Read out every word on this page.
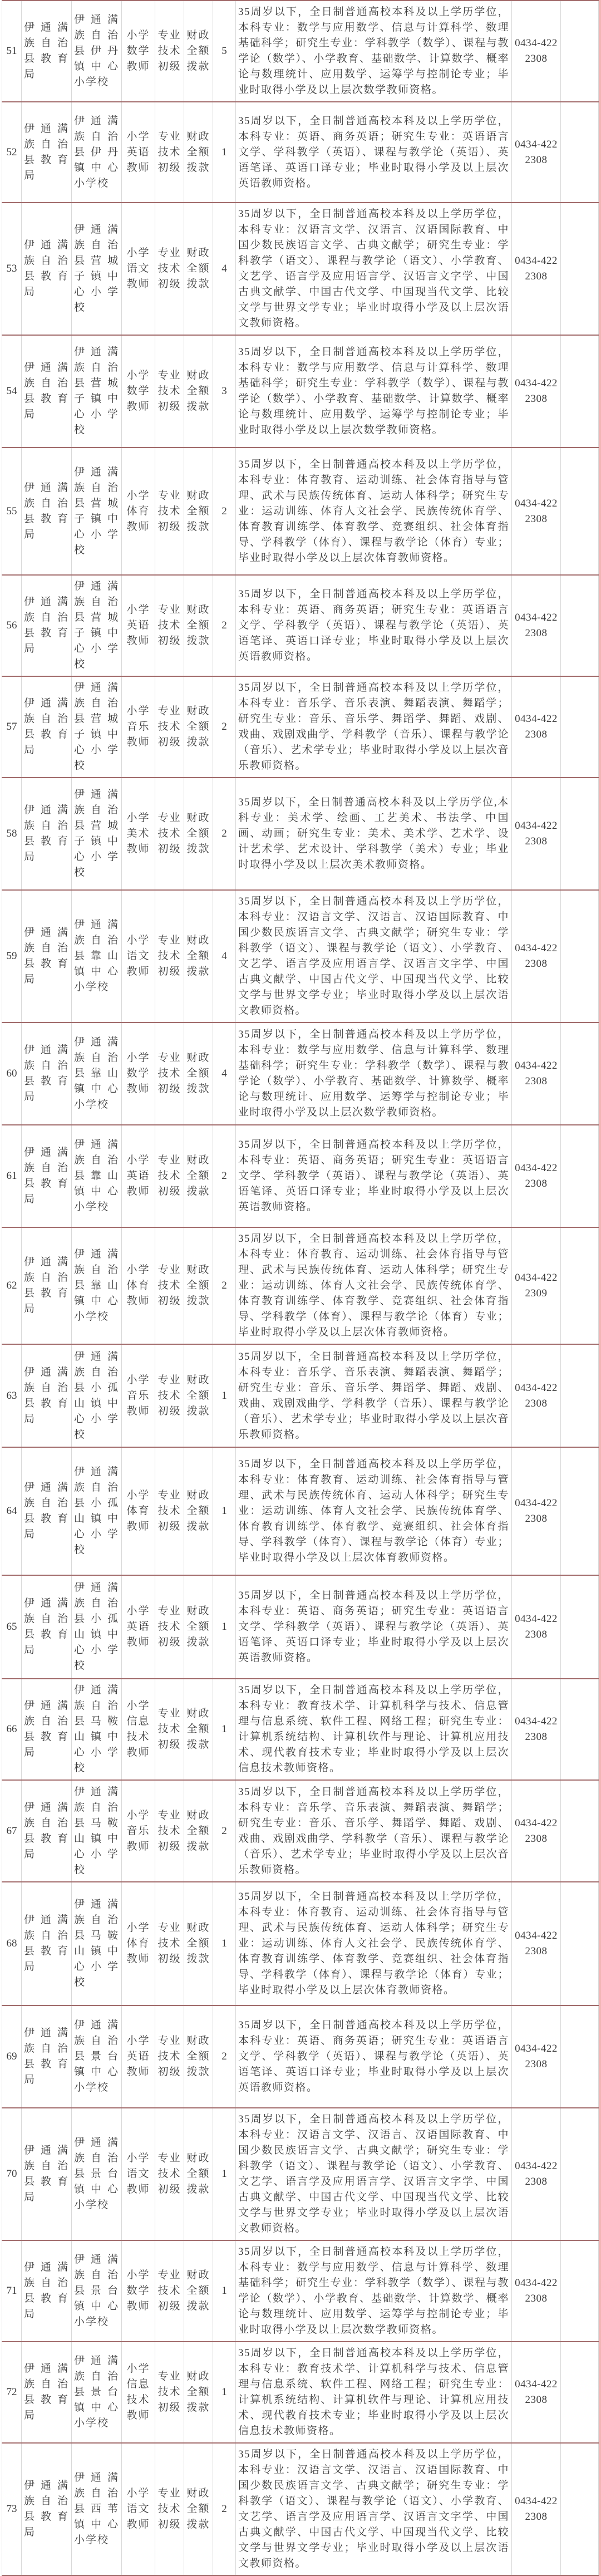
51	伊通满族自治县教育局	伊通满族自治县伊丹镇中心小学校	小学数学教师	专业技术初级	财政全额拨款	5	35周岁以下，全日制普通高校本科及以上学历学位，本科专业：数学与应用数学、信息与计算科学、数理基础科学；研究生专业：学科教学（数学）、课程与教学论（数学）、小学教育、基础数学、计算数学、概率论与数理统计、应用数学、运筹学与控制论专业；毕业时取得小学及以上层次数学教师资格。	0434-4222308	
52	伊通满族自治县教育局	伊通满族自治县伊丹镇中心小学校	小学英语教师	专业技术初级	财政全额拨款	1	35周岁以下，全日制普通高校本科及以上学历学位，本科专业：英语、商务英语；研究生专业：英语语言文学、学科教学（英语）、课程与教学论（英语）、英语笔译、英语口译专业；毕业时取得小学及以上层次英语教师资格。	0434-4222308	
53	伊通满族自治县教育局	伊通满族自治县营城子镇中心小学校	小学语文教师	专业技术初级	财政全额拨款	4	35周岁以下，全日制普通高校本科及以上学历学位，本科专业：汉语言文学、汉语言、汉语国际教育、中国少数民族语言文学、古典文献学；研究生专业：学科教学（语文）、课程与教学论（语文）、小学教育、文艺学、语言学及应用语言学、汉语言文字学、中国古典文献学、中国古代文学、中国现当代文学、比较文学与世界文学专业；毕业时取得小学及以上层次语文教师资格。	0434-4222308	
54	伊通满族自治县教育局	伊通满族自治县营城子镇中心小学校	小学数学教师	专业技术初级	财政全额拨款	3	35周岁以下，全日制普通高校本科及以上学历学位，本科专业：数学与应用数学、信息与计算科学、数理基础科学；研究生专业：学科教学（数学）、课程与教学论（数学）、小学教育、基础数学、计算数学、概率论与数理统计、应用数学、运筹学与控制论专业；毕业时取得小学及以上层次数学教师资格。	0434-4222308	
55	伊通满族自治县教育局	伊通满族自治县营城子镇中心小学校	小学体育教师	专业技术初级	财政全额拨款	2	35周岁以下，全日制普通高校本科及以上学历学位，本科专业：体育教育、运动训练、社会体育指导与管理、武术与民族传统体育、运动人体科学；研究生专业：运动训练、体育人文社会学、民族传统体育学、体育教育训练学、体育教学、竞赛组织、社会体育指导、学科教学（体育）、课程与教学论（体育）专业；毕业时取得小学及以上层次体育教师资格。	0434-4222308	
56	伊通满族自治县教育局	伊通满族自治县营城子镇中心小学校	小学英语教师	专业技术初级	财政全额拨款	2	35周岁以下，全日制普通高校本科及以上学历学位，本科专业：英语、商务英语；研究生专业：英语语言文学、学科教学（英语）、课程与教学论（英语）、英语笔译、英语口译专业；毕业时取得小学及以上层次英语教师资格。	0434-4222308	
57	伊通满族自治县教育局	伊通满族自治县营城子镇中心小学校	小学音乐教师	专业技术初级	财政全额拨款	2	35周岁以下，全日制普通高校本科及以上学历学位，本科专业：音乐学、音乐表演、舞蹈表演、舞蹈学；研究生专业：音乐、音乐学、舞蹈学、舞蹈、戏剧、戏曲、戏剧戏曲学、学科教学（音乐）、课程与教学论（音乐）、艺术学专业；毕业时取得小学及以上层次音乐教师资格。	0434-4222308	
58	伊通满族自治县教育局	伊通满族自治县营城子镇中心小学校	小学美术教师	专业技术初级	财政全额拨款	2	35周岁以下，全日制普通高校本科及以上学历学位,本科专业：美术学、绘画、工艺美术、书法学、中国画、动画；研究生专业：美术、美术学、艺术学、设计艺术学、艺术设计、学科教学（美术）专业；毕业时取得小学及以上层次美术教师资格。	0434-4222308	
59	伊通满族自治县教育局	伊通满族自治县靠山镇中心小学校	小学语文教师	专业技术初级	财政全额拨款	4	35周岁以下，全日制普通高校本科及以上学历学位，本科专业：汉语言文学、汉语言、汉语国际教育、中国少数民族语言文学、古典文献学；研究生专业：学科教学（语文）、课程与教学论（语文）、小学教育、文艺学、语言学及应用语言学、汉语言文字学、中国古典文献学、中国古代文学、中国现当代文学、比较文学与世界文学专业；毕业时取得小学及以上层次语文教师资格。	0434-4222308	
60	伊通满族自治县教育局	伊通满族自治县靠山镇中心小学校	小学数学教师	专业技术初级	财政全额拨款	4	35周岁以下，全日制普通高校本科及以上学历学位，本科专业：数学与应用数学、信息与计算科学、数理基础科学；研究生专业：学科教学（数学）、课程与教学论（数学）、小学教育、基础数学、计算数学、概率论与数理统计、应用数学、运筹学与控制论专业；毕业时取得小学及以上层次数学教师资格。	0434-4222308	
61	伊通满族自治县教育局	伊通满族自治县靠山镇中心小学校	小学英语教师	专业技术初级	财政全额拨款	2	35周岁以下，全日制普通高校本科及以上学历学位，本科专业：英语、商务英语；研究生专业：英语语言文学、学科教学（英语）、课程与教学论（英语）、英语笔译、英语口译专业；毕业时取得小学及以上层次英语教师资格。	0434-4222308	
62	伊通满族自治县教育局	伊通满族自治县靠山镇中心小学校	小学体育教师	专业技术初级	财政全额拨款	2	35周岁以下，全日制普通高校本科及以上学历学位，本科专业：体育教育、运动训练、社会体育指导与管理、武术与民族传统体育、运动人体科学；研究生专业：运动训练、体育人文社会学、民族传统体育学、体育教育训练学、体育教学、竞赛组织、社会体育指导、学科教学（体育）、课程与教学论（体育）专业；毕业时取得小学及以上层次体育教师资格。	0434-4222309	
63	伊通满族自治县教育局	伊通满族自治县小孤山镇中心小学校	小学音乐教师	专业技术初级	财政全额拨款	1	35周岁以下，全日制普通高校本科及以上学历学位，本科专业：音乐学、音乐表演、舞蹈表演、舞蹈学；研究生专业：音乐、音乐学、舞蹈学、舞蹈、戏剧、戏曲、戏剧戏曲学、学科教学（音乐）、课程与教学论（音乐）、艺术学专业；毕业时取得小学及以上层次音乐教师资格。	0434-4222308	
64	伊通满族自治县教育局	伊通满族自治县小孤山镇中心小学校	小学体育教师	专业技术初级	财政全额拨款	1	35周岁以下，全日制普通高校本科及以上学历学位，本科专业：体育教育、运动训练、社会体育指导与管理、武术与民族传统体育、运动人体科学；研究生专业：运动训练、体育人文社会学、民族传统体育学、体育教育训练学、体育教学、竞赛组织、社会体育指导、学科教学（体育）、课程与教学论（体育）专业；毕业时取得小学及以上层次体育教师资格。	0434-4222308	
65	伊通满族自治县教育局	伊通满族自治县小孤山镇中心小学校	小学英语教师	专业技术初级	财政全额拨款	1	35周岁以下，全日制普通高校本科及以上学历学位，本科专业：英语、商务英语；研究生专业：英语语言文学、学科教学（英语）、课程与教学论（英语）、英语笔译、英语口译专业；毕业时取得小学及以上层次英语教师资格。	0434-4222308	
66	伊通满族自治县教育局	伊通满族自治县马鞍山镇中心小学校	小学信息技术教师	专业技术初级	财政全额拨款	1	35周岁以下，全日制普通高校本科及以上学历学位，本科专业：教育技术学、计算机科学与技术、信息管理与信息系统、软件工程、网络工程；研究生专业：计算机系统结构、计算机软件与理论、计算机应用技术、现代教育技术专业；毕业时取得小学及以上层次信息技术教师资格。	0434-4222308	
67	伊通满族自治县教育局	伊通满族自治县马鞍山镇中心小学校	小学音乐教师	专业技术初级	财政全额拨款	2	35周岁以下，全日制普通高校本科及以上学历学位，本科专业：音乐学、音乐表演、舞蹈表演、舞蹈学；研究生专业：音乐、音乐学、舞蹈学、舞蹈、戏剧、戏曲、戏剧戏曲学、学科教学（音乐）、课程与教学论（音乐）、艺术学专业；毕业时取得小学及以上层次音乐教师资格。	0434-4222308	
68	伊通满族自治县教育局	伊通满族自治县马鞍山镇中心小学校	小学体育教师	专业技术初级	财政全额拨款	1	35周岁以下，全日制普通高校本科及以上学历学位，本科专业：体育教育、运动训练、社会体育指导与管理、武术与民族传统体育、运动人体科学；研究生专业：运动训练、体育人文社会学、民族传统体育学、体育教育训练学、体育教学、竞赛组织、社会体育指导、学科教学（体育）、课程与教学论（体育）专业；毕业时取得小学及以上层次体育教师资格。	0434-4222308	
69	伊通满族自治县教育局	伊通满族自治县景台镇中心小学校	小学英语教师	专业技术初级	财政全额拨款	2	35周岁以下，全日制普通高校本科及以上学历学位，本科专业：英语、商务英语；研究生专业：英语语言文学、学科教学（英语）、课程与教学论（英语）、英语笔译、英语口译专业；毕业时取得小学及以上层次英语教师资格。	0434-4222308	
70	伊通满族自治县教育局	伊通满族自治县景台镇中心小学校	小学语文教师	专业技术初级	财政全额拨款	1	35周岁以下，全日制普通高校本科及以上学历学位，本科专业：汉语言文学、汉语言、汉语国际教育、中国少数民族语言文学、古典文献学；研究生专业：学科教学（语文）、课程与教学论（语文）、小学教育、文艺学、语言学及应用语言学、汉语言文字学、中国古典文献学、中国古代文学、中国现当代文学、比较文学与世界文学专业；毕业时取得小学及以上层次语文教师资格。	0434-4222308	
71	伊通满族自治县教育局	伊通满族自治县景台镇中心小学校	小学数学教师	专业技术初级	财政全额拨款	1	35周岁以下，全日制普通高校本科及以上学历学位，本科专业：数学与应用数学、信息与计算科学、数理基础科学；研究生专业：学科教学（数学）、课程与教学论（数学）、小学教育、基础数学、计算数学、概率论与数理统计、应用数学、运筹学与控制论专业；毕业时取得小学及以上层次数学教师资格。	0434-4222308	
72	伊通满族自治县教育局	伊通满族自治县景台镇中心小学校	小学信息技术教师	专业技术初级	财政全额拨款	1	35周岁以下，全日制普通高校本科及以上学历学位，本科专业：教育技术学、计算机科学与技术、信息管理与信息系统、软件工程、网络工程；研究生专业：计算机系统结构、计算机软件与理论、计算机应用技术、现代教育技术专业；毕业时取得小学及以上层次信息技术教师资格。	0434-4222308	
73	伊通满族自治县教育局	伊通满族自治县西苇镇中心小学校	小学语文教师	专业技术初级	财政全额拨款	2	35周岁以下，全日制普通高校本科及以上学历学位，本科专业：汉语言文学、汉语言、汉语国际教育、中国少数民族语言文学、古典文献学；研究生专业：学科教学（语文）、课程与教学论（语文）、小学教育、文艺学、语言学及应用语言学、汉语言文字学、中国古典文献学、中国古代文学、中国现当代文学、比较文学与世界文学专业；毕业时取得小学及以上层次语文教师资格。	0434-4222308	
